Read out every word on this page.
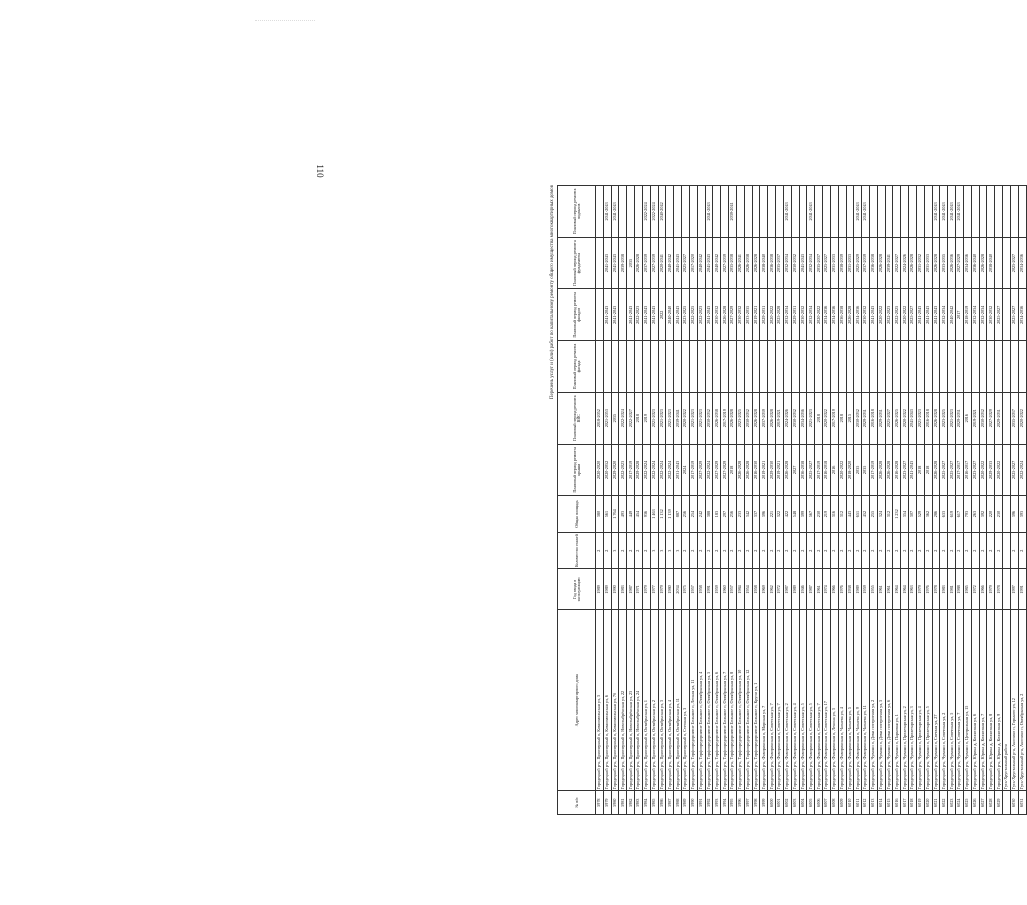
110
Перечень услуг и (или) работ по капитальному ремонту общего имущества многоквартирных домов
№ п/п	Адрес многоквартирного дома	Год ввода в эксплуатацию	Количество этажей	Общая площадь	Плановый период ремонта крыши	Плановый период ремонта ВИС	Плановый период ремонта фасада	Плановый период ремонта фасадов	Плановый период ремонта фундамента	Плановый период ремонта подвалов
5978	Городецкий р-н, Приозерный п, Комсомольская ул, 3	1989	2	380	2020-2020	2018-2052				
5979	Городецкий р-н, Приозерный п, Комсомольская ул, 6	1989	2	561	2020-2052	2021-2053		2041-2043	2041-2043	2041-2043
5980	Городецкий р-н, Приозерный п, Комсомольская ул, 7б	1990	3	1 764	2029-2020	2035		2041-2043	2041-2043	2041-2043
5981	Городецкий р-н, Приозерный п, Новозыбрёнская ул, 22	1983	2	493	2022-2023	2022-2024			2039-2038	
5982	Городецкий р-н, Приозерный п, Новозыбрёнская ул, 23	1987	2	449	2017-2019	2022-2027		2041-2043	2035	
5983	Городецкий р-н, Приозерный п, Новозыбрёнская ул, 24	1971	2	454	2029-2028	2018		2022-2023	2026-2028	
5984	Городецкий р-н, Приозерный п, Октябрьская ул, 1	1979	2	936	2022-2024	2019		2041-2043	2037-2039	2022-2024
5985	Городецкий р-н, Приозерный п, Октябрьская ул, 2	1977	3	1 463	2022-2024	2021-2023		2041-2043	2027-2039	2022-2024
5986	Городецкий р-н, Приозерный п, Октябрьская ул, 3	1979	3	1 132	2022-2024	2021-2023		2022	2020-2041	2040-2042
5987	Городецкий р-н, Приозерный п, Октябрьская ул, 4	1980	3	1 139	2022-2024	2021-2023		2040-2040	2040-2042	
5988	Городецкий р-н, Приозерный п, Октябрьская ул, 11	2034	3	887	2031-2043	2039-2041		2041-2043	2041-2043	
5989	Городецкий р-н, Приозерный п, Степная ул, 3	1975	2	256	2024	2020-2022		2023-2025	2025-2027	
5990	Городецкий р-н, Торфопредприятие Большое п, Лесная ул, 11	1957	2	254	2017-2019	2021-2023		2022-2025	2017-2020	
5991	Городецкий р-н, Торфопредприятие Большое п, Октябрьская ул, 4	1958	2	242	2027-2029	2021-2023		2022-2023	2040-2042	
5992	Городецкий р-н, Торфопредприятие Большое п, Октябрьская ул, 5	1991	2	388	2022-2024	2030-2032		2041-2043	2041-2043	2041-2043
5993	Городецкий р-н, Торфопредприятие Большое п, Октябрьская ул, 6	1959	2	183	2027-2029	2026-2038		2030-2032	2040-2042	
5994	Городецкий р-н, Торфопредприятие Большое п, Октябрьская ул, 7	1960	2	297	2027-2029	2017-2019		2026-2028	2027-2039	
5995	Городецкий р-н, Торфопредприятие Большое п, Октябрьская ул, 8	1957	2	256	2018	2026-2028		2027-2029	2035-2038	2039-2041
5996	Городецкий р-н, Торфопредприятие Большое п, Октябрьская ул, 10	1984	2	233	2026-2028	2023-2025		2030-2032	2026-2041	
5997	Городецкий р-н, Торфопредприятие Большое п, Октябрьская ул, 12	1954	2	342	2026-2028	2030-2032		2033-2035	2026-2038	
5998	Городецкий р-н, Торфопредприятие Большое п, Крупи ул, 1	1958	2	337	2016-2030	2026-2028		2019-2021	2026-2028	
5999	Городецкий р-н, Фаворинская п, Мирская ул, 7	1969	2	396	2019-2021	2037-2039		2029-2031	2038-2040	
6000	Городецкий р-н, Фаворинская п, Советская ул, 7	1962	2	221	2029-2030	2026-2028		2020-2022	2036-2038	
6001	Городецкий р-н, Фаворинская п, Советская ул, 7	1972	2	322	2019-2021	2019-2021		2025-2028	2035-2037	
6002	Городецкий р-н, Фаворинская п, Советская ул, 2	1987	2	422	2026-2028	2024-2026		2032-2034	2032-2034	2041-2043
6003	Городецкий р-н, Фаворинская п, Советская ул, 4	1989	2	548	2027	2030-2032		2029-2031	2030-2032	
6004	Городецкий р-н, Фаворинская п, Советская ул, 5	1946	2	399	2036-2038	2034-2036		2030-2032	2041-2043	
6005	Городецкий р-н, Фаворинская п, Советская ул, 5	1987	2	567	2025-2027	2021-2023		2032-2034	2032-2034	2041-2043
6006	Городецкий р-н, Фаворинская п, Советская ул, 7	1961	2	230	2017-2019	2018		2020-2022	2035-2037	
6007	Городецкий р-н, Фаворинская п, Советская ул, 17	1974	2	219	2016-2018	2020-2022		2034-2036	2025-2027	
6008	Городецкий р-н, Фаворинская п, Ленина ул, 3	1966	2	316	2016	2017-2019		2034-2036	2031-2033	
6009	Городецкий р-н, Фаворинская п, Чапаева ул, 4	1976	2	312	2020-2022	2018		2036-2038	2038-2039	
6010	Городецкий р-н, Фаворинская п, Чапаева ул, 5	1938	2	443	2018-2020	2015		2026-2028	2031-2033	
6011	Городецкий р-н, Фаворинская п, Чапаева ул, 9	1989	2	651	2035	2030-2032		2034-2036	2025-2029	2041-2043
6012	Городецкий р-н, Фаворинская п, Чапаева ул, 11	1959	2	452	2035	2029-2031		2030-2032	2037-2039	2041-2043
6013	Городецкий р-н, Чуваши п, Дома построения ул, 2	1955	2	255	2017-2019	2016-2018		2041-2043	2036-2038	
6014	Городецкий р-н, Чуваши п, Дома построения ул, 5	1961	2	324	2026-2028	2029-2031		2020-2022	2026-2028	
6015	Городецкий р-н, Чуваши п, Дома построения ул, 6	1961	2	312	2026-2028	2025-2027		2022-2023	2039-2041	
6016	Городецкий р-н, Чуваши п, Парковая ул, 1	1964	2	1 232	2016-2028	2026-2025		2022-2025	2022-2027	
6017	Городецкий р-н, Чуваши п, Пролетарская ул, 2	1964	2	354	2023-2027	2020-2022		2020-2022	2024-2026	
6018	Городецкий р-н, Чуваши п, Пролетарская ул, 3	1963	2	307	2041-2043	2041-2043		2025-2027	2026-2028	
6019	Городецкий р-н, Чуваши п, Пролетарская ул, 4	1979	2	529	2018	2021-2023		2041-2043	2031-2032	
6020	Городецкий р-н, Чуваши п, Пролетарская ул, 5	1976	2	362	2018	2016-2018		2041-2043	2031-2033	
6021	Городецкий р-н, Чуваши п, Светлая ул, 27	1978	2	286	2026-2028	2026-2028		2041-2043	2026-2028	2041-2043
6022	Городецкий р-н, Чуваши п, Советская ул, 2	1983	2	633	2025-2027	2023-2025		2032-2034	2033-2035	2041-2043
6023	Городецкий р-н, Чуваши п, Советская ул, 5	1981	2	619	2025-2027	2021-2023		2040-2042	2026-2036	2041-2043
6024	Городецкий р-н, Чуваши п, Советская ул, 7	1988	2	617	2017-2017	2029-2031		2017	2027-2029	2041-2043
6025	Городецкий р-н, Чуваши п, Центральная ул, 15	1985	2	793	2016-2017	2016		2018-2019	2034-2036	
6026	Городецкий р-н, Юрина д, Колхозная ул, 6	1972	2	263	2023-2027	2019-2021		2032-2034	2036-2040	
6027	Городецкий р-н, Юрина д, Колхозная ул, 7	1966	2	392	2020-2022	2030-2032		2032-2034	2026-2028	
6028	Городецкий р-н, Юрина д, Колхозная ул, 8	1979	2	220	2029-2033	2027-2029		2030-2032	2038-2040	
6029	Городецкий р-н, Юрина д, Колхозная ул, 9	1978	2	230	2020-2022	2029-2031		2025-2027		
	Гусь-Хрустальный район									
6030	Гусь-Хрустальный р-н, Анопино п, Горького ул, 12	1997	2	396	2025-2027	2035-2037		2025-2027	2025-2027	
6031	Гусь-Хрустальный р-н, Анопино п, Октябрьская ул, 2	1991	2	393	2022-2024	2020-2022		2034-2036	2034-2036	
